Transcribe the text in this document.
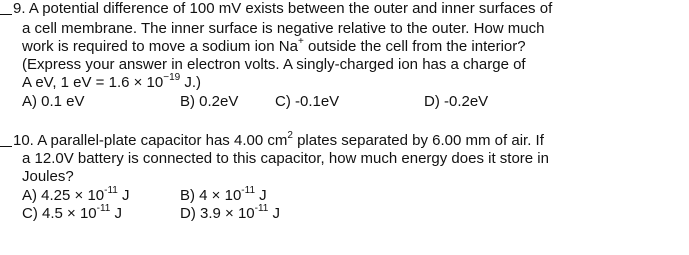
9. A potential difference of 100 mV exists between the outer and inner surfaces of
a cell membrane. The inner surface is negative relative to the outer. How much
work is required to move a sodium ion Na+ outside the cell from the interior?
(Express your answer in electron volts. A singly-charged ion has a charge of
A eV, 1 eV = $1.6 \times 10^{-19}$ J.)
A) 0.1 eV	B) 0.2eV C) -0.1eV	D) -0.2eV
10. A parallel-plate capacitor has 4.00 $cm^2$ plates separated by 6.00 mm of air. If
a 12.0V battery is connected to this capacitor, how much energy does it store in
Joules?
A) $4.25 \times 10^{-11}$ J	B) $4 \times 10^{-11}$ J
C) $4.5 \times 10^{-11}$ J	D) $3.9 \times 10^{-11}$ J
